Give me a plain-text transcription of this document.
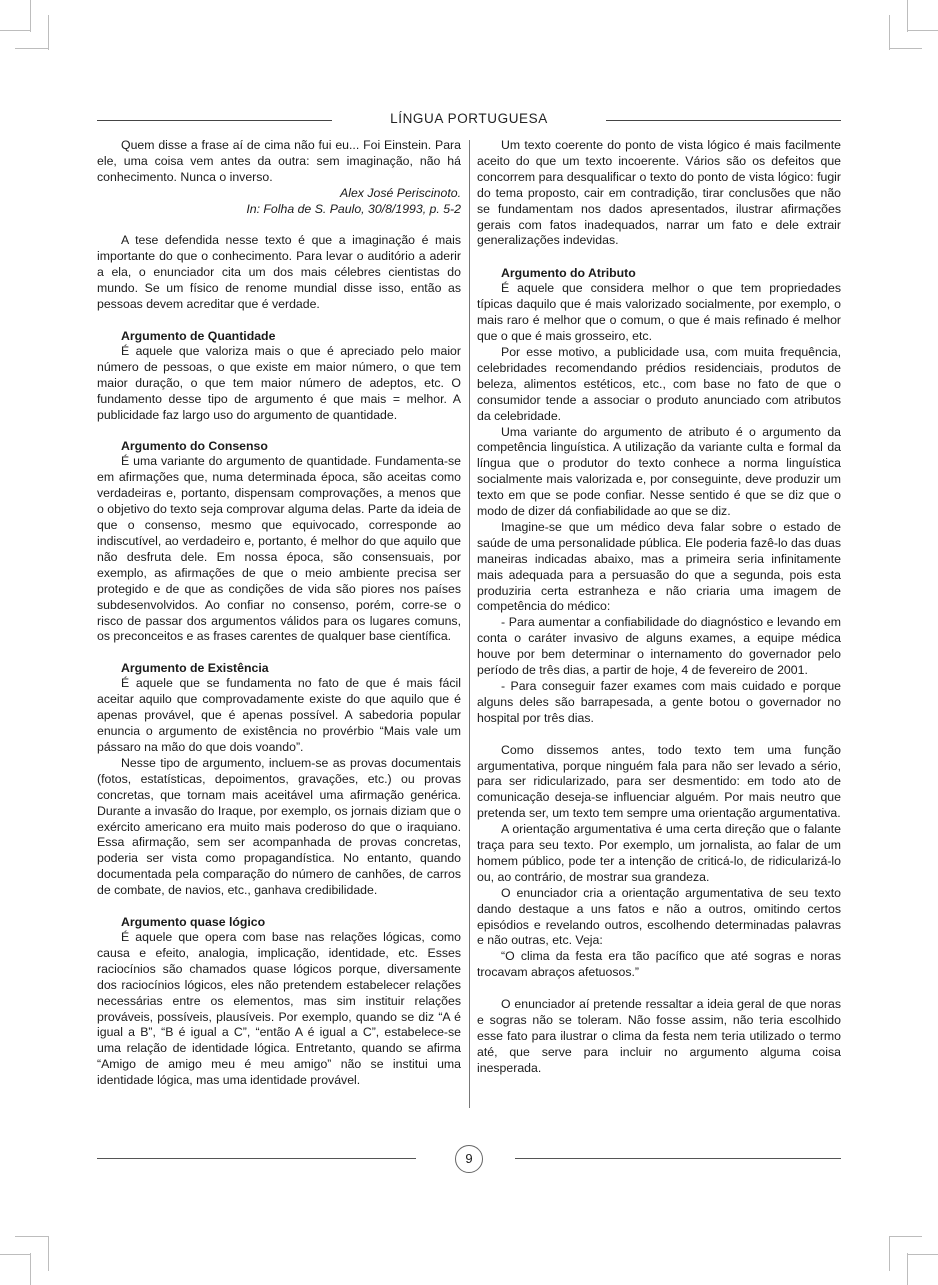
LÍNGUA PORTUGUESA

Quem disse a frase aí de cima não fui eu... Foi Einstein. Para ele, uma coisa vem antes da outra: sem imaginação, não há conhecimento. Nunca o inverso.

Alex José Periscinoto.
In: Folha de S. Paulo, 30/8/1993, p. 5-2

A tese defendida nesse texto é que a imaginação é mais importante do que o conhecimento. Para levar o auditório a aderir a ela, o enunciador cita um dos mais célebres cientistas do mundo. Se um físico de renome mundial disse isso, então as pessoas devem acreditar que é verdade.

Argumento de Quantidade

É aquele que valoriza mais o que é apreciado pelo maior número de pessoas, o que existe em maior número, o que tem maior duração, o que tem maior número de adeptos, etc. O fundamento desse tipo de argumento é que mais = melhor. A publicidade faz largo uso do argumento de quantidade.

Argumento do Consenso

É uma variante do argumento de quantidade. Fundamenta-se em afirmações que, numa determinada época, são aceitas como verdadeiras e, portanto, dispensam comprovações, a menos que o objetivo do texto seja comprovar alguma delas. Parte da ideia de que o consenso, mesmo que equivocado, corresponde ao indiscutível, ao verdadeiro e, portanto, é melhor do que aquilo que não desfruta dele. Em nossa época, são consensuais, por exemplo, as afirmações de que o meio ambiente precisa ser protegido e de que as condições de vida são piores nos países subdesenvolvidos. Ao confiar no consenso, porém, corre-se o risco de passar dos argumentos válidos para os lugares comuns, os preconceitos e as frases carentes de qualquer base científica.

Argumento de Existência

É aquele que se fundamenta no fato de que é mais fácil aceitar aquilo que comprovadamente existe do que aquilo que é apenas provável, que é apenas possível. A sabedoria popular enuncia o argumento de existência no provérbio “Mais vale um pássaro na mão do que dois voando”.

Nesse tipo de argumento, incluem-se as provas documentais (fotos, estatísticas, depoimentos, gravações, etc.) ou provas concretas, que tornam mais aceitável uma afirmação genérica. Durante a invasão do Iraque, por exemplo, os jornais diziam que o exército americano era muito mais poderoso do que o iraquiano. Essa afirmação, sem ser acompanhada de provas concretas, poderia ser vista como propagandística. No entanto, quando documentada pela comparação do número de canhões, de carros de combate, de navios, etc., ganhava credibilidade.

Argumento quase lógico

É aquele que opera com base nas relações lógicas, como causa e efeito, analogia, implicação, identidade, etc. Esses raciocínios são chamados quase lógicos porque, diversamente dos raciocínios lógicos, eles não pretendem estabelecer relações necessárias entre os elementos, mas sim instituir relações prováveis, possíveis, plausíveis. Por exemplo, quando se diz “A é igual a B”, “B é igual a C”, “então A é igual a C”, estabelece-se uma relação de identidade lógica. Entretanto, quando se afirma “Amigo de amigo meu é meu amigo” não se institui uma identidade lógica, mas uma identidade provável.

Um texto coerente do ponto de vista lógico é mais facilmente aceito do que um texto incoerente. Vários são os defeitos que concorrem para desqualificar o texto do ponto de vista lógico: fugir do tema proposto, cair em contradição, tirar conclusões que não se fundamentam nos dados apresentados, ilustrar afirmações gerais com fatos inadequados, narrar um fato e dele extrair generalizações indevidas.

Argumento do Atributo

É aquele que considera melhor o que tem propriedades típicas daquilo que é mais valorizado socialmente, por exemplo, o mais raro é melhor que o comum, o que é mais refinado é melhor que o que é mais grosseiro, etc.

Por esse motivo, a publicidade usa, com muita frequência, celebridades recomendando prédios residenciais, produtos de beleza, alimentos estéticos, etc., com base no fato de que o consumidor tende a associar o produto anunciado com atributos da celebridade.

Uma variante do argumento de atributo é o argumento da competência linguística. A utilização da variante culta e formal da língua que o produtor do texto conhece a norma linguística socialmente mais valorizada e, por conseguinte, deve produzir um texto em que se pode confiar. Nesse sentido é que se diz que o modo de dizer dá confiabilidade ao que se diz.

Imagine-se que um médico deva falar sobre o estado de saúde de uma personalidade pública. Ele poderia fazê-lo das duas maneiras indicadas abaixo, mas a primeira seria infinitamente mais adequada para a persuasão do que a segunda, pois esta produziria certa estranheza e não criaria uma imagem de competência do médico:

- Para aumentar a confiabilidade do diagnóstico e levando em conta o caráter invasivo de alguns exames, a equipe médica houve por bem determinar o internamento do governador pelo período de três dias, a partir de hoje, 4 de fevereiro de 2001.

- Para conseguir fazer exames com mais cuidado e porque alguns deles são barrapesada, a gente botou o governador no hospital por três dias.

Como dissemos antes, todo texto tem uma função argumentativa, porque ninguém fala para não ser levado a sério, para ser ridicularizado, para ser desmentido: em todo ato de comunicação deseja-se influenciar alguém. Por mais neutro que pretenda ser, um texto tem sempre uma orientação argumentativa.

A orientação argumentativa é uma certa direção que o falante traça para seu texto. Por exemplo, um jornalista, ao falar de um homem público, pode ter a intenção de criticá-lo, de ridicularizá-lo ou, ao contrário, de mostrar sua grandeza.

O enunciador cria a orientação argumentativa de seu texto dando destaque a uns fatos e não a outros, omitindo certos episódios e revelando outros, escolhendo determinadas palavras e não outras, etc. Veja:

“O clima da festa era tão pacífico que até sogras e noras trocavam abraços afetuosos.”

O enunciador aí pretende ressaltar a ideia geral de que noras e sogras não se toleram. Não fosse assim, não teria escolhido esse fato para ilustrar o clima da festa nem teria utilizado o termo até, que serve para incluir no argumento alguma coisa inesperada.

9
